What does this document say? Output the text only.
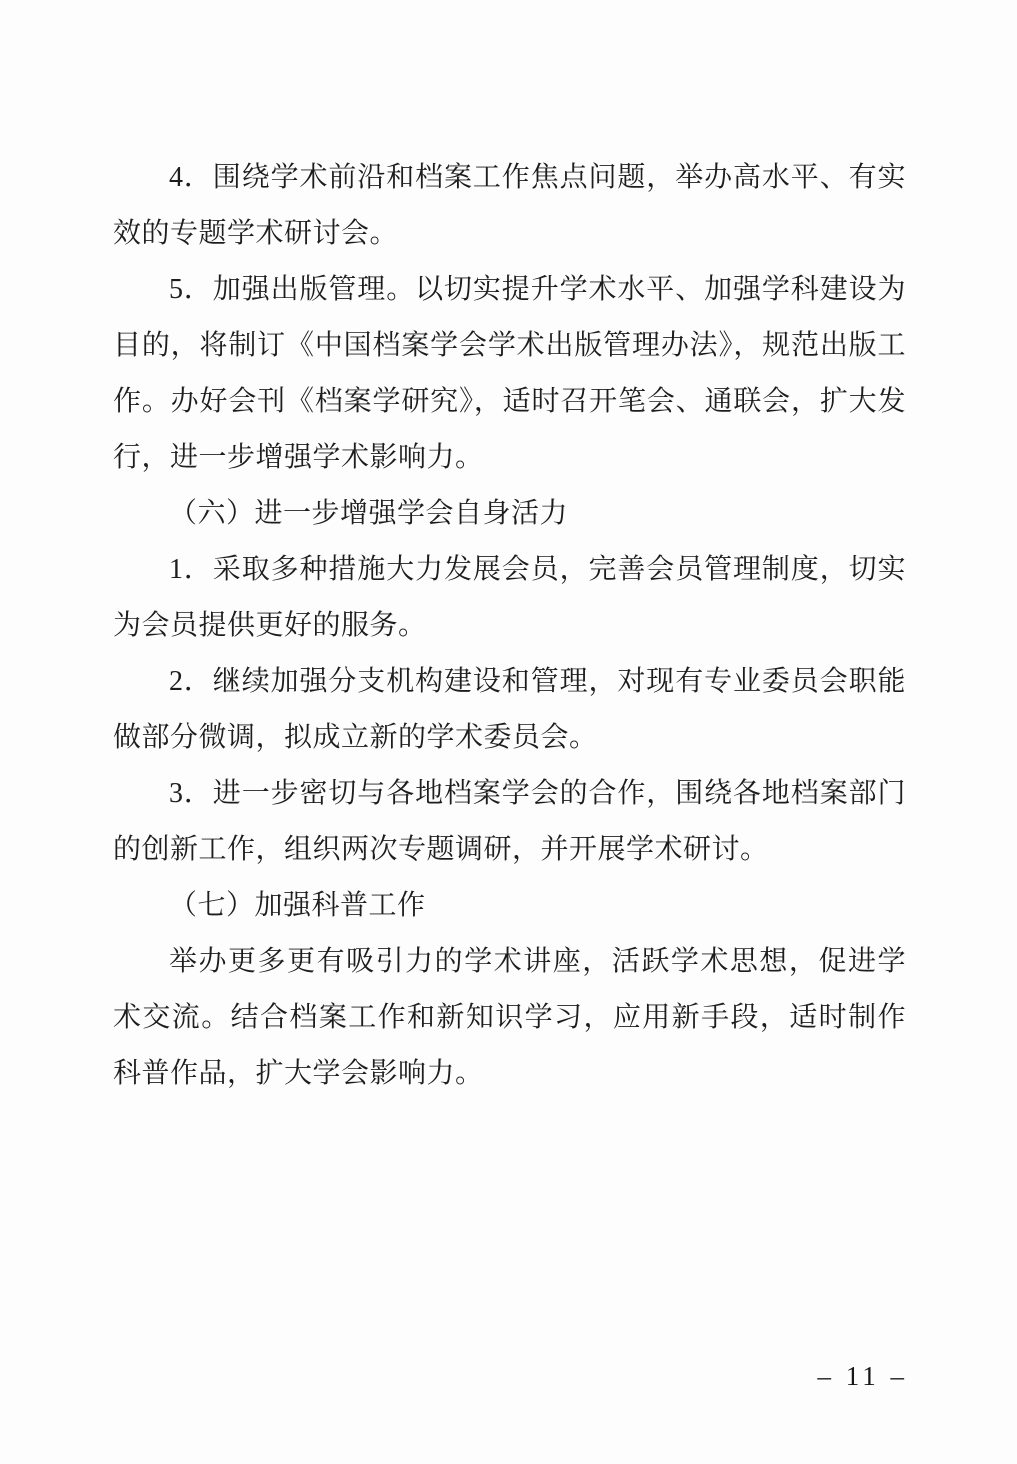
4．围绕学术前沿和档案工作焦点问题，举办高水平、有实效的专题学术研讨会。

5．加强出版管理。以切实提升学术水平、加强学科建设为目的，将制订《中国档案学会学术出版管理办法》，规范出版工作。办好会刊《档案学研究》，适时召开笔会、通联会，扩大发行，进一步增强学术影响力。

（六）进一步增强学会自身活力

1．采取多种措施大力发展会员，完善会员管理制度，切实为会员提供更好的服务。

2．继续加强分支机构建设和管理，对现有专业委员会职能做部分微调，拟成立新的学术委员会。

3．进一步密切与各地档案学会的合作，围绕各地档案部门的创新工作，组织两次专题调研，并开展学术研讨。

（七）加强科普工作

举办更多更有吸引力的学术讲座，活跃学术思想，促进学术交流。结合档案工作和新知识学习，应用新手段，适时制作科普作品，扩大学会影响力。

– 11 –
